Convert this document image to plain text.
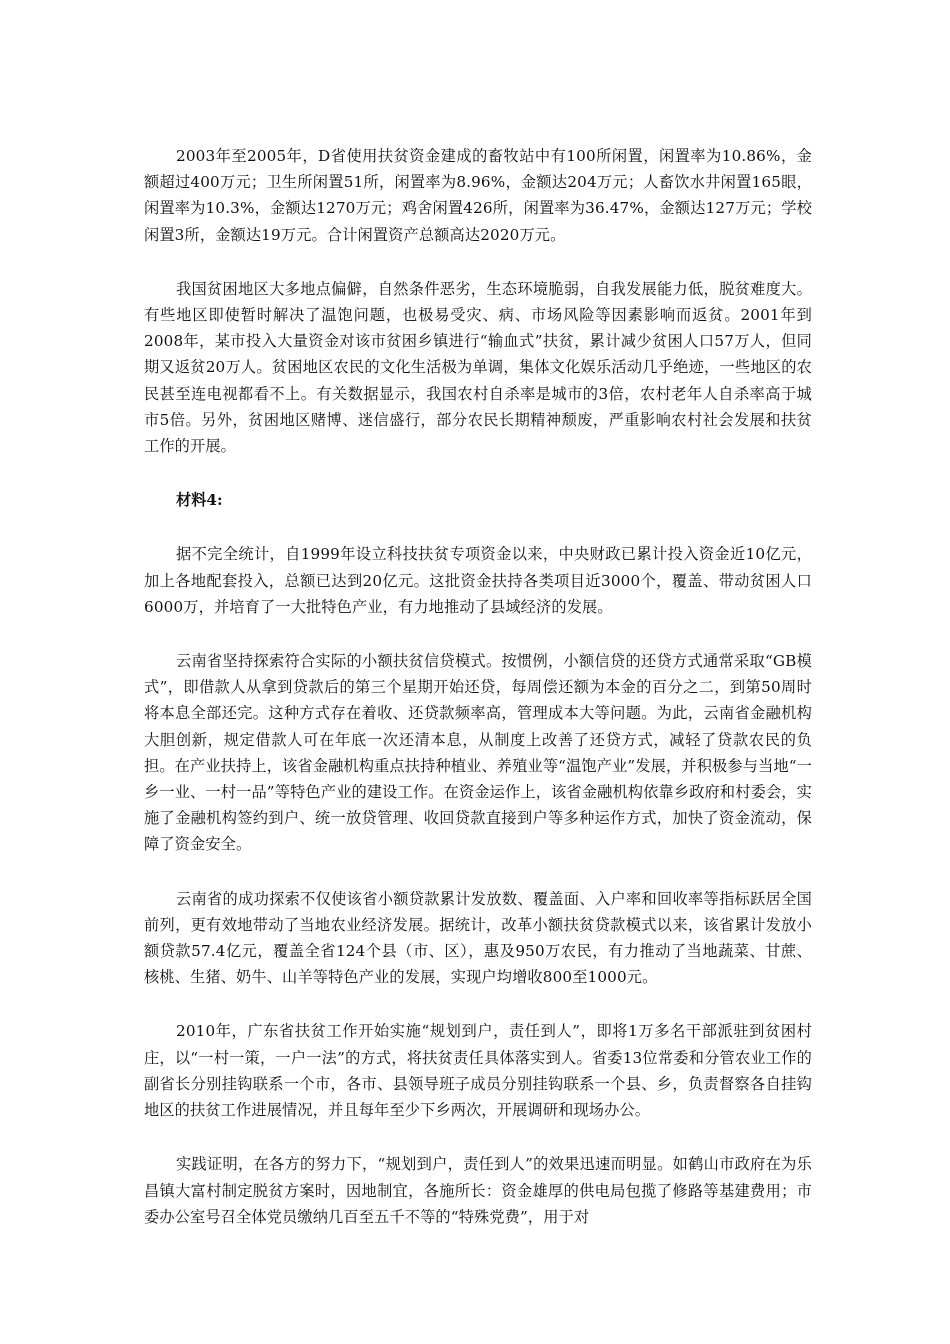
2003年至2005年，D省使用扶贫资金建成的畜牧站中有100所闲置，闲置率为10.86%，金额超过400万元；卫生所闲置51所，闲置率为8.96%，金额达204万元；人畜饮水井闲置165眼，闲置率为10.3%，金额达1270万元；鸡舍闲置426所，闲置率为36.47%，金额达127万元；学校闲置3所，金额达19万元。合计闲置资产总额高达2020万元。

我国贫困地区大多地点偏僻，自然条件恶劣，生态环境脆弱，自我发展能力低，脱贫难度大。有些地区即使暂时解决了温饱问题，也极易受灾、病、市场风险等因素影响而返贫。2001年到2008年，某市投入大量资金对该市贫困乡镇进行“输血式”扶贫，累计减少贫困人口57万人，但同期又返贫20万人。贫困地区农民的文化生活极为单调，集体文化娱乐活动几乎绝迹，一些地区的农民甚至连电视都看不上。有关数据显示，我国农村自杀率是城市的3倍，农村老年人自杀率高于城市5倍。另外，贫困地区赌博、迷信盛行，部分农民长期精神颓废，严重影响农村社会发展和扶贫工作的开展。

材料4:

据不完全统计，自1999年设立科技扶贫专项资金以来，中央财政已累计投入资金近10亿元，加上各地配套投入，总额已达到20亿元。这批资金扶持各类项目近3000个，覆盖、带动贫困人口6000万，并培育了一大批特色产业，有力地推动了县域经济的发展。

云南省坚持探索符合实际的小额扶贫信贷模式。按惯例，小额信贷的还贷方式通常采取“GB模式”，即借款人从拿到贷款后的第三个星期开始还贷，每周偿还额为本金的百分之二，到第50周时将本息全部还完。这种方式存在着收、还贷款频率高，管理成本大等问题。为此，云南省金融机构大胆创新，规定借款人可在年底一次还清本息，从制度上改善了还贷方式，减轻了贷款农民的负担。在产业扶持上，该省金融机构重点扶持种植业、养殖业等“温饱产业”发展，并积极参与当地“一乡一业、一村一品”等特色产业的建设工作。在资金运作上，该省金融机构依靠乡政府和村委会，实施了金融机构签约到户、统一放贷管理、收回贷款直接到户等多种运作方式，加快了资金流动，保障了资金安全。

云南省的成功探索不仅使该省小额贷款累计发放数、覆盖面、入户率和回收率等指标跃居全国前列，更有效地带动了当地农业经济发展。据统计，改革小额扶贫贷款模式以来，该省累计发放小额贷款57.4亿元，覆盖全省124个县（市、区），惠及950万农民，有力推动了当地蔬菜、甘蔗、核桃、生猪、奶牛、山羊等特色产业的发展，实现户均增收800至1000元。

2010年，广东省扶贫工作开始实施“规划到户，责任到人”，即将1万多名干部派驻到贫困村庄，以“一村一策，一户一法”的方式，将扶贫责任具体落实到人。省委13位常委和分管农业工作的副省长分别挂钩联系一个市，各市、县领导班子成员分别挂钩联系一个县、乡，负责督察各自挂钩地区的扶贫工作进展情况，并且每年至少下乡两次，开展调研和现场办公。

实践证明，在各方的努力下，“规划到户，责任到人”的效果迅速而明显。如鹤山市政府在为乐昌镇大富村制定脱贫方案时，因地制宜，各施所长：资金雄厚的供电局包揽了修路等基建费用；市委办公室号召全体党员缴纳几百至五千不等的“特殊党费”，用于对
